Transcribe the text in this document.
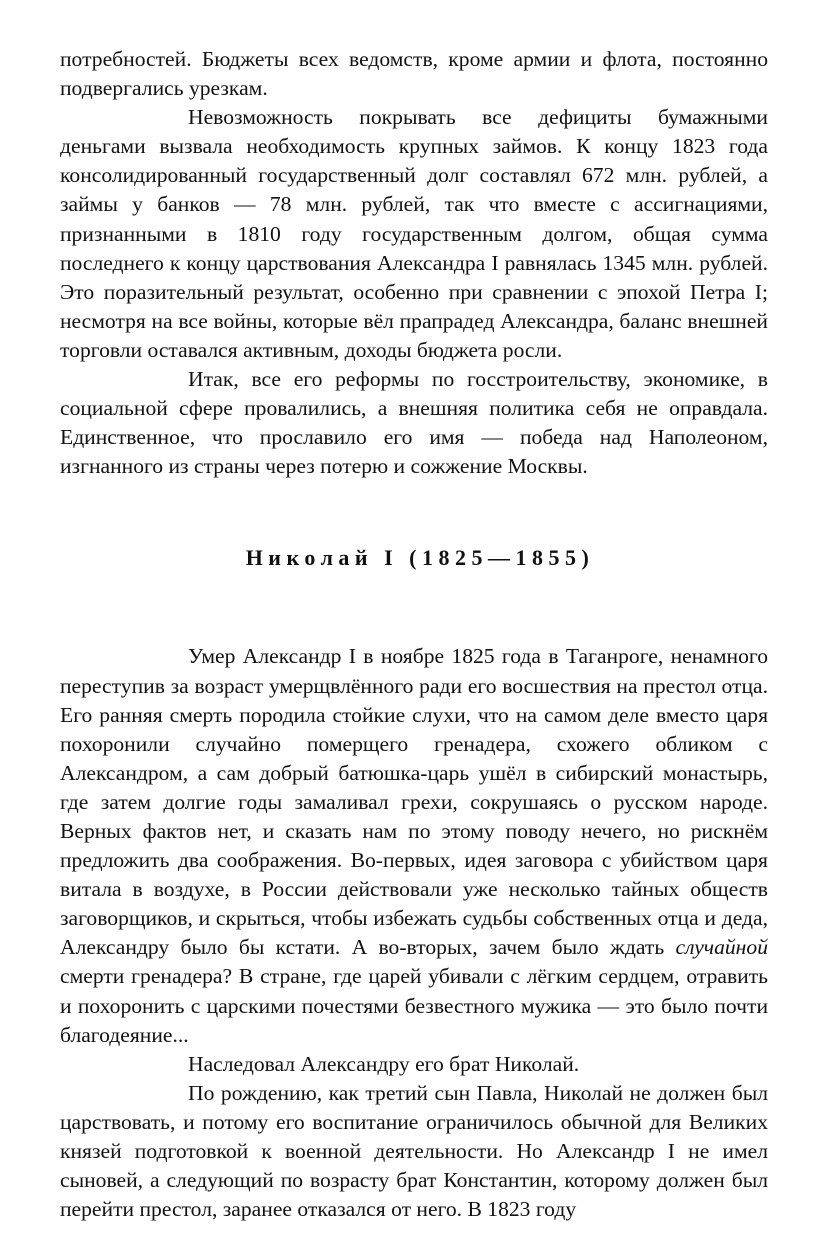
потребностей. Бюджеты всех ведомств, кроме армии и флота, постоянно подвергались урезкам.

Невозможность покрывать все дефициты бумажными деньгами вызвала необходимость крупных займов. К концу 1823 года консолидированный государственный долг составлял 672 млн. рублей, а займы у банков — 78 млн. рублей, так что вместе с ассигнациями, признанными в 1810 году государственным долгом, общая сумма последнего к концу царствования Александра I равнялась 1345 млн. рублей. Это поразительный результат, особенно при сравнении с эпохой Петра I; несмотря на все войны, которые вёл прапрадед Александра, баланс внешней торговли оставался активным, доходы бюджета росли.

Итак, все его реформы по госстроительству, экономике, в социальной сфере провалились, а внешняя политика себя не оправдала. Единственное, что прославило его имя — победа над Наполеоном, изгнанного из страны через потерю и сожжение Москвы.

Николай I (1825—1855)

Умер Александр I в ноябре 1825 года в Таганроге, ненамного переступив за возраст умерщвлённого ради его восшествия на престол отца. Его ранняя смерть породила стойкие слухи, что на самом деле вместо царя похоронили случайно померщего гренадера, схожего обликом с Александром, а сам добрый батюшка-царь ушёл в сибирский монастырь, где затем долгие годы замаливал грехи, сокрушаясь о русском народе. Верных фактов нет, и сказать нам по этому поводу нечего, но рискнём предложить два соображения. Во-первых, идея заговора с убийством царя витала в воздухе, в России действовали уже несколько тайных обществ заговорщиков, и скрыться, чтобы избежать судьбы собственных отца и деда, Александру было бы кстати. А во-вторых, зачем было ждать случайной смерти гренадера? В стране, где царей убивали с лёгким сердцем, отравить и похоронить с царскими почестями безвестного мужика — это было почти благодеяние...

Наследовал Александру его брат Николай.

По рождению, как третий сын Павла, Николай не должен был царствовать, и потому его воспитание ограничилось обычной для Великих князей подготовкой к военной деятельности. Но Александр I не имел сыновей, а следующий по возрасту брат Константин, которому должен был перейти престол, заранее отказался от него. В 1823 году
